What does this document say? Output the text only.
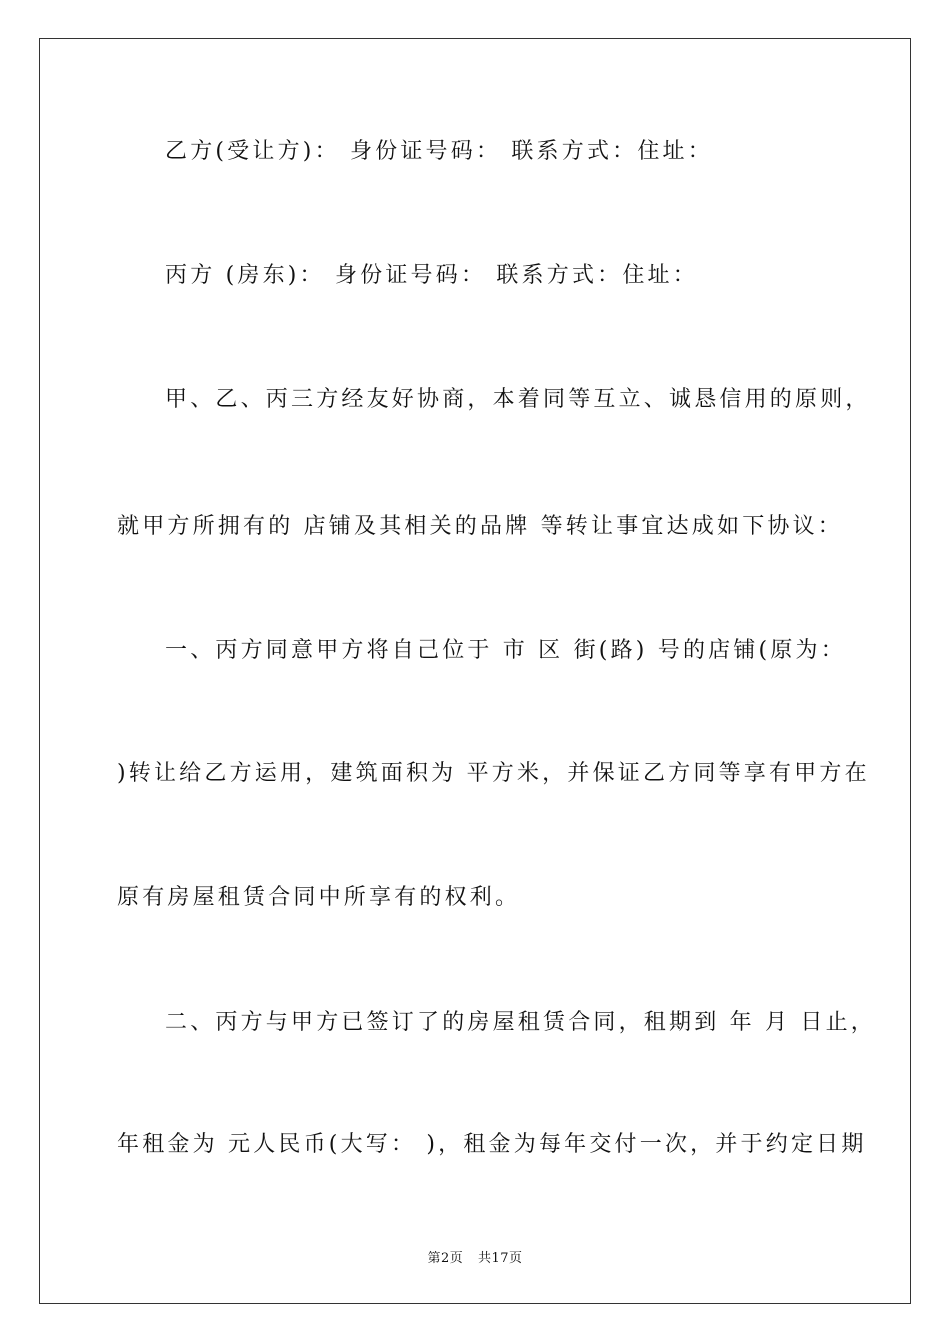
乙方(受让方)： 身份证号码： 联系方式：住址：
丙方 (房东)： 身份证号码： 联系方式：住址：
甲、乙、丙三方经友好协商，本着同等互立、诚恳信用的原则，
就甲方所拥有的 店铺及其相关的品牌 等转让事宜达成如下协议：
一、丙方同意甲方将自己位于 市 区 街(路) 号的店铺(原为：
)转让给乙方运用，建筑面积为 平方米，并保证乙方同等享有甲方在
原有房屋租赁合同中所享有的权利。
二、丙方与甲方已签订了的房屋租赁合同，租期到 年 月 日止，
年租金为 元人民币(大写： )，租金为每年交付一次，并于约定日期
第2页 共17页
